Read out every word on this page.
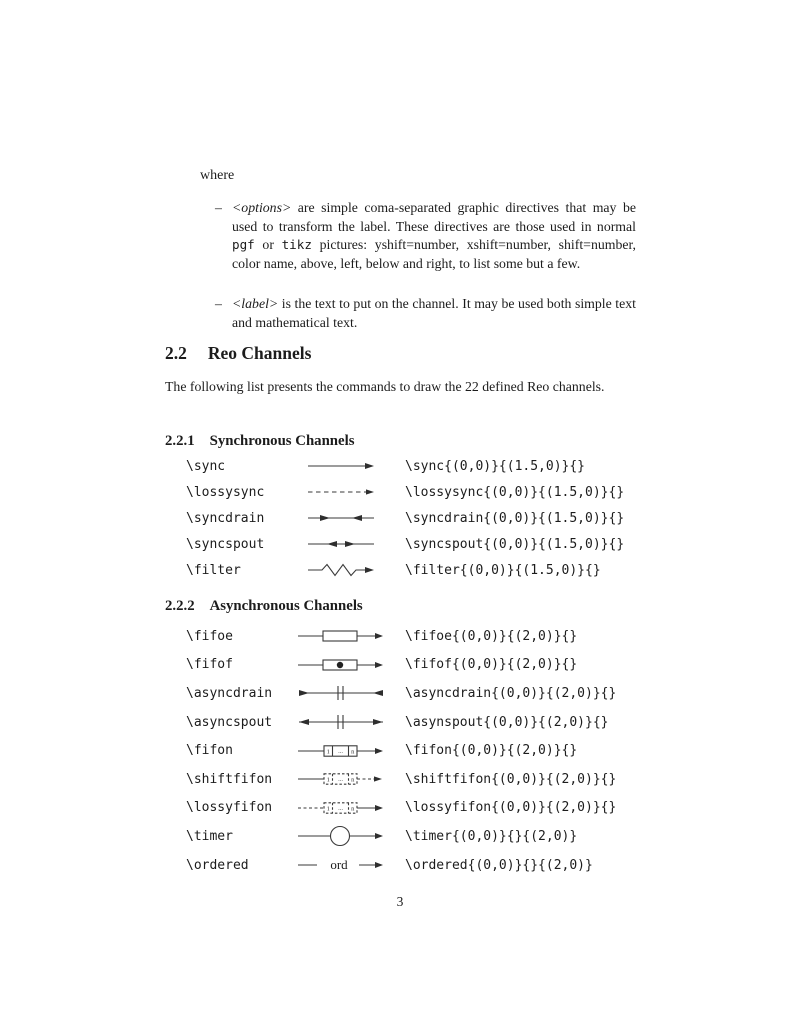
where
– <options> are simple coma-separated graphic directives that may be used to transform the label. These directives are those used in normal pgf or tikz pictures: yshift=number, xshift=number, shift=number, color name, above, left, below and right, to list some but a few.

– <label> is the text to put on the channel. It may be used both simple text and mathematical text.

2.2 Reo Channels

The following list presents the commands to draw the 22 defined Reo channels.

2.2.1 Synchronous Channels
\sync	\sync{(0,0)}{(1.5,0)}{}
\lossysync	\lossysync{(0,0)}{(1.5,0)}{}
\syncdrain	\syncdrain{(0,0)}{(1.5,0)}{}
\syncspout	\syncspout{(0,0)}{(1.5,0)}{}
\filter	\filter{(0,0)}{(1.5,0)}{}
2.2.2 Asynchronous Channels
\fifoe	\fifoe{(0,0)}{(2,0)}{}
\fifof	\fifof{(0,0)}{(2,0)}{}
\asyncdrain	\asyncdrain{(0,0)}{(2,0)}{}
\asyncspout	\asynspout{(0,0)}{(2,0)}{}
\fifon	1 ... n	\fifon{(0,0)}{(2,0)}{}
\shiftfifon	1 ... n	\shiftfifon{(0,0)}{(2,0)}{}
\lossyfifon	1 ... n	\lossyfifon{(0,0)}{(2,0)}{}
\timer	\timer{(0,0)}{}{(2,0)}
\ordered	ord	\ordered{(0,0)}{}{(2,0)}
3
